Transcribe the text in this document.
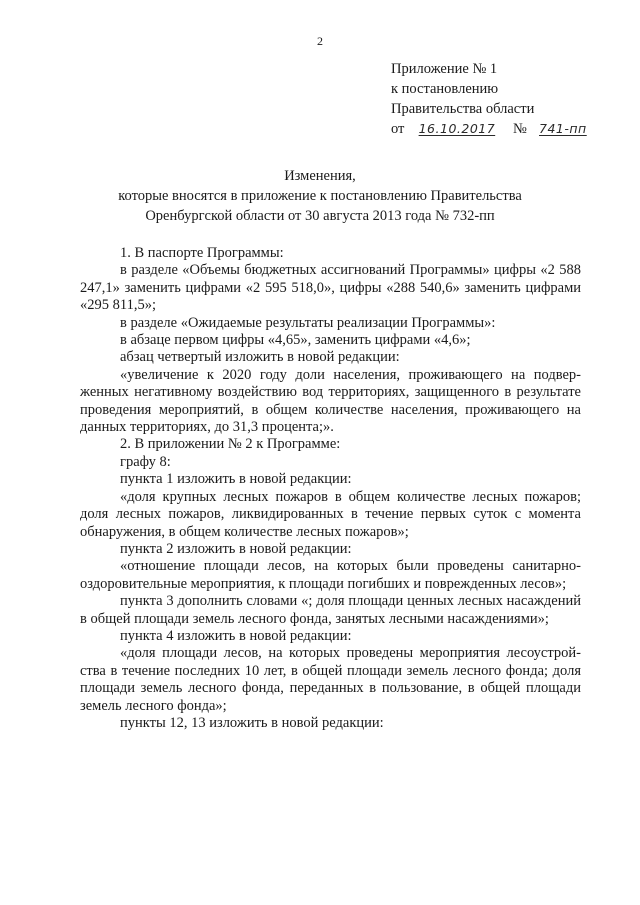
2
Приложение № 1
к постановлению
Правительства области
от 16.10.2017 № 741-пп
Изменения,
которые вносятся в приложение к постановлению Правительства
Оренбургской области от 30 августа 2013 года № 732-пп

1. В паспорте Программы:

в разделе «Объемы бюджетных ассигнований Программы» цифры «2 588 247,1» заменить цифрами «2 595 518,0», цифры «288 540,6» заменить цифрами «295 811,5»;

в разделе «Ожидаемые результаты реализации Программы»:

в абзаце первом цифры «4,65», заменить цифрами «4,6»;

абзац четвертый изложить в новой редакции:

«увеличение к 2020 году доли населения, проживающего на подверженных негативному воздействию вод территориях, защищенного в результате проведения мероприятий, в общем количестве населения, проживающего на данных территориях, до 31,3 процента;».

2. В приложении № 2 к Программе:

графу 8:

пункта 1 изложить в новой редакции:

«доля крупных лесных пожаров в общем количестве лесных пожаров; доля лесных пожаров, ликвидированных в течение первых суток с момента обнаружения, в общем количестве лесных пожаров»;

пункта 2 изложить в новой редакции:

«отношение площади лесов, на которых были проведены санитарно-оздоровительные мероприятия, к площади погибших и поврежденных лесов»;

пункта 3 дополнить словами «; доля площади ценных лесных насаждений в общей площади земель лесного фонда, занятых лесными насаждениями»;

пункта 4 изложить в новой редакции:

«доля площади лесов, на которых проведены мероприятия лесоустройства в течение последних 10 лет, в общей площади земель лесного фонда; доля площади земель лесного фонда, переданных в пользование, в общей площади земель лесного фонда»;

пункты 12, 13 изложить в новой редакции:
